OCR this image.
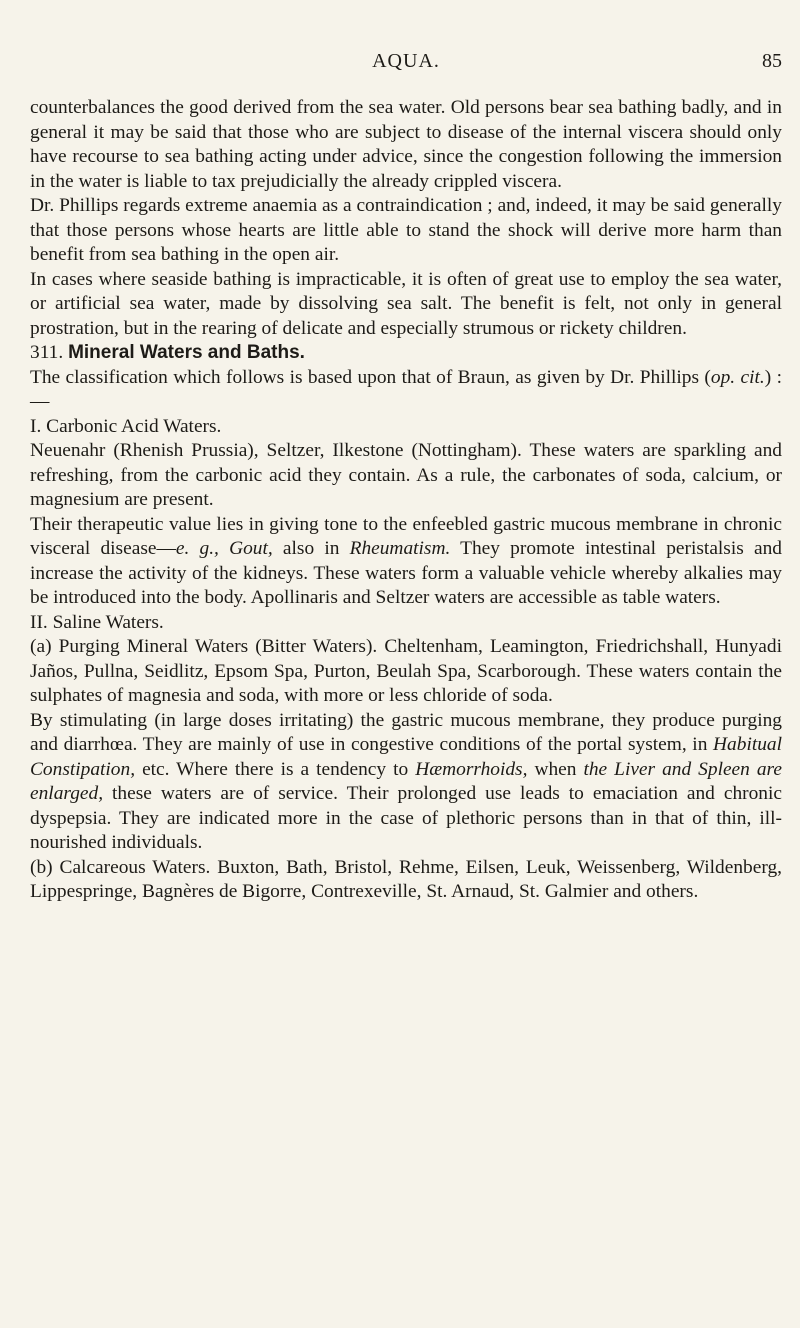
AQUA.	85

counterbalances the good derived from the sea water. Old persons bear sea bathing badly, and in general it may be said that those who are subject to disease of the internal viscera should only have recourse to sea bathing acting under advice, since the congestion following the immersion in the water is liable to tax prejudicially the already crippled viscera.

Dr. Phillips regards extreme anaemia as a contraindication ; and, indeed, it may be said generally that those persons whose hearts are little able to stand the shock will derive more harm than benefit from sea bathing in the open air.

In cases where seaside bathing is impracticable, it is often of great use to employ the sea water, or artificial sea water, made by dissolving sea salt. The benefit is felt, not only in general prostration, but in the rearing of delicate and especially strumous or rickety children.

311. Mineral Waters and Baths.

The classification which follows is based upon that of Braun, as given by Dr. Phillips (op. cit.) :—

I. Carbonic Acid Waters.

Neuenahr (Rhenish Prussia), Seltzer, Ilkestone (Nottingham). These waters are sparkling and refreshing, from the carbonic acid they contain. As a rule, the carbonates of soda, calcium, or magnesium are present.

Their therapeutic value lies in giving tone to the enfeebled gastric mucous membrane in chronic visceral disease—e. g., Gout, also in Rheumatism. They promote intestinal peristalsis and increase the activity of the kidneys. These waters form a valuable vehicle whereby alkalies may be introduced into the body. Apollinaris and Seltzer waters are accessible as table waters.

II. Saline Waters.

(a) Purging Mineral Waters (Bitter Waters). Cheltenham, Leamington, Friedrichshall, Hunyadi Jaños, Pullna, Seidlitz, Epsom Spa, Purton, Beulah Spa, Scarborough. These waters contain the sulphates of magnesia and soda, with more or less chloride of soda.

By stimulating (in large doses irritating) the gastric mucous membrane, they produce purging and diarrhœa. They are mainly of use in congestive conditions of the portal system, in Habitual Constipation, etc. Where there is a tendency to Hæmorrhoids, when the Liver and Spleen are enlarged, these waters are of service. Their prolonged use leads to emaciation and chronic dyspepsia. They are indicated more in the case of plethoric persons than in that of thin, ill-nourished individuals.

(b) Calcareous Waters. Buxton, Bath, Bristol, Rehme, Eilsen, Leuk, Weissenberg, Wildenberg, Lippespringe, Bagnères de Bigorre, Contrexeville, St. Arnaud, St. Galmier and others.
